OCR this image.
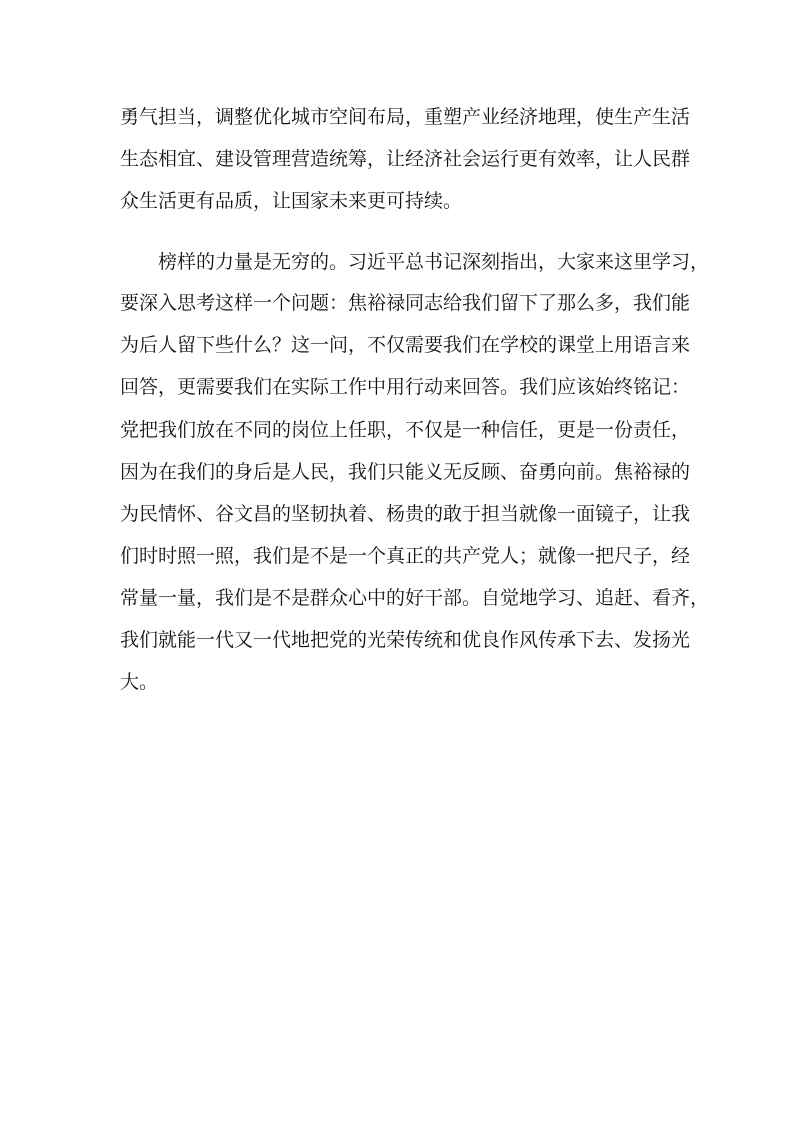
勇气担当，调整优化城市空间布局，重塑产业经济地理，使生产生活
生态相宜、建设管理营造统筹，让经济社会运行更有效率，让人民群
众生活更有品质，让国家未来更可持续。
榜样的力量是无穷的。习近平总书记深刻指出，大家来这里学习，
要深入思考这样一个问题：焦裕禄同志给我们留下了那么多，我们能
为后人留下些什么？这一问，不仅需要我们在学校的课堂上用语言来
回答，更需要我们在实际工作中用行动来回答。我们应该始终铭记：
党把我们放在不同的岗位上任职，不仅是一种信任，更是一份责任，
因为在我们的身后是人民，我们只能义无反顾、奋勇向前。焦裕禄的
为民情怀、谷文昌的坚韧执着、杨贵的敢于担当就像一面镜子，让我
们时时照一照，我们是不是一个真正的共产党人；就像一把尺子，经
常量一量，我们是不是群众心中的好干部。自觉地学习、追赶、看齐，
我们就能一代又一代地把党的光荣传统和优良作风传承下去、发扬光
大。
